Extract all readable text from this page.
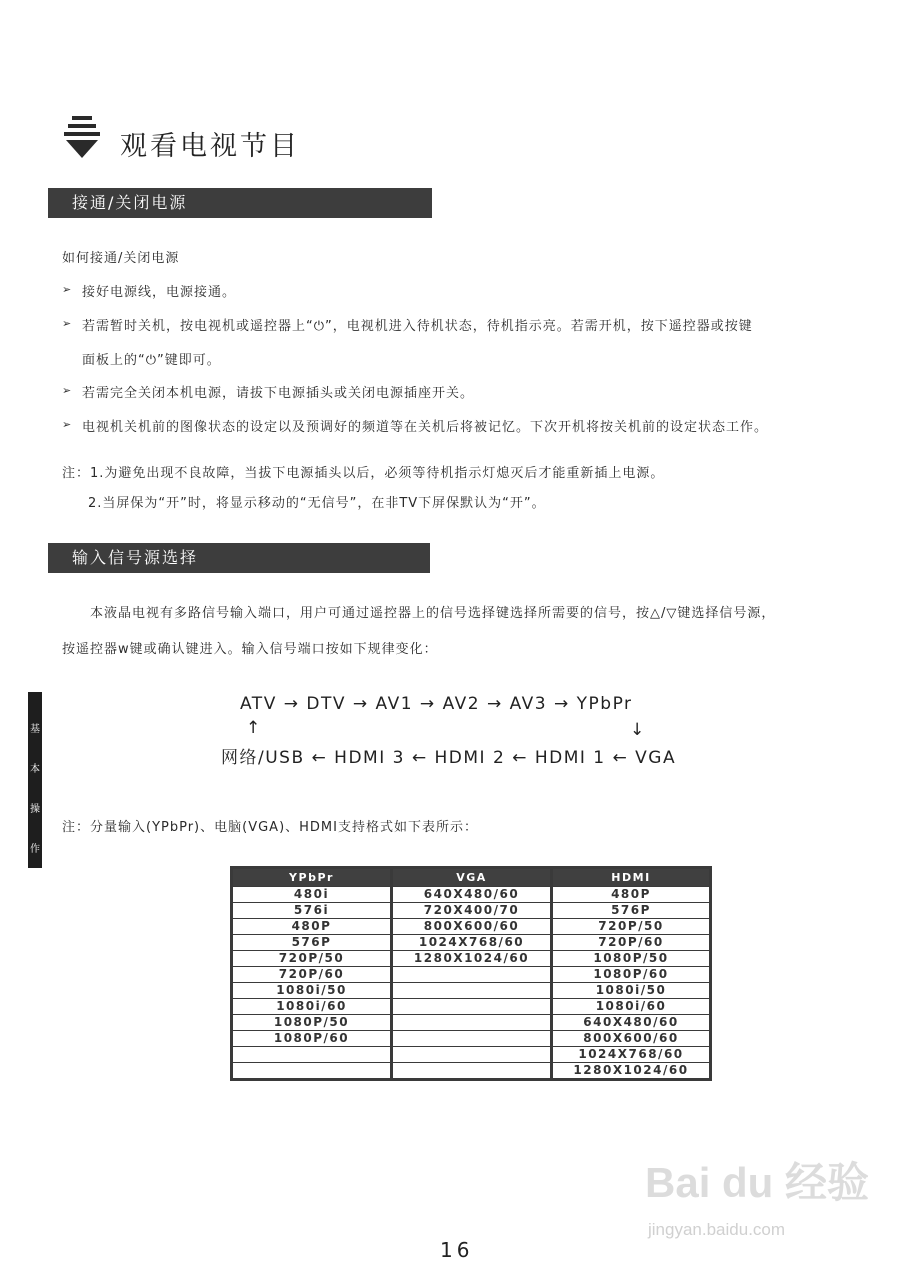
观看电视节目
接通/关闭电源
如何接通/关闭电源
➢ 接好电源线，电源接通。
➢ 若需暂时关机，按电视机或遥控器上“⏻”，电视机进入待机状态，待机指示亮。若需开机，按下遥控器或按键
面板上的“⏻”键即可。
➢ 若需完全关闭本机电源，请拔下电源插头或关闭电源插座开关。
➢ 电视机关机前的图像状态的设定以及预调好的频道等在关机后将被记忆。下次开机将按关机前的设定状态工作。
注：1.为避免出现不良故障，当拔下电源插头以后，必须等待机指示灯熄灭后才能重新插上电源。
2.当屏保为“开”时，将显示移动的“无信号”，在非TV下屏保默认为“开”。
输入信号源选择
本液晶电视有多路信号输入端口，用户可通过遥控器上的信号选择键选择所需要的信号，按△/▽键选择信号源，
按遥控器w键或确认键进入。输入信号端口按如下规律变化：
基
本
操
作
ATV → DTV → AV1 → AV2 → AV3 → YPbPr
↑	↓
网络/USB ← HDMI 3 ← HDMI 2 ← HDMI 1 ← VGA
注：分量输入(YPbPr)、电脑(VGA)、HDMI支持格式如下表所示：
YPbPr	VGA	HDMI
480i	640X480/60	480P
576i	720X400/70	576P
480P	800X600/60	720P/50
576P	1024X768/60	720P/60
720P/50	1280X1024/60	1080P/50
720P/60		1080P/60
1080i/50		1080i/50
1080i/60		1080i/60
1080P/50		640X480/60
1080P/60		800X600/60
		1024X768/60
		1280X1024/60
Bai du 经验
jingyan.baidu.com
16
